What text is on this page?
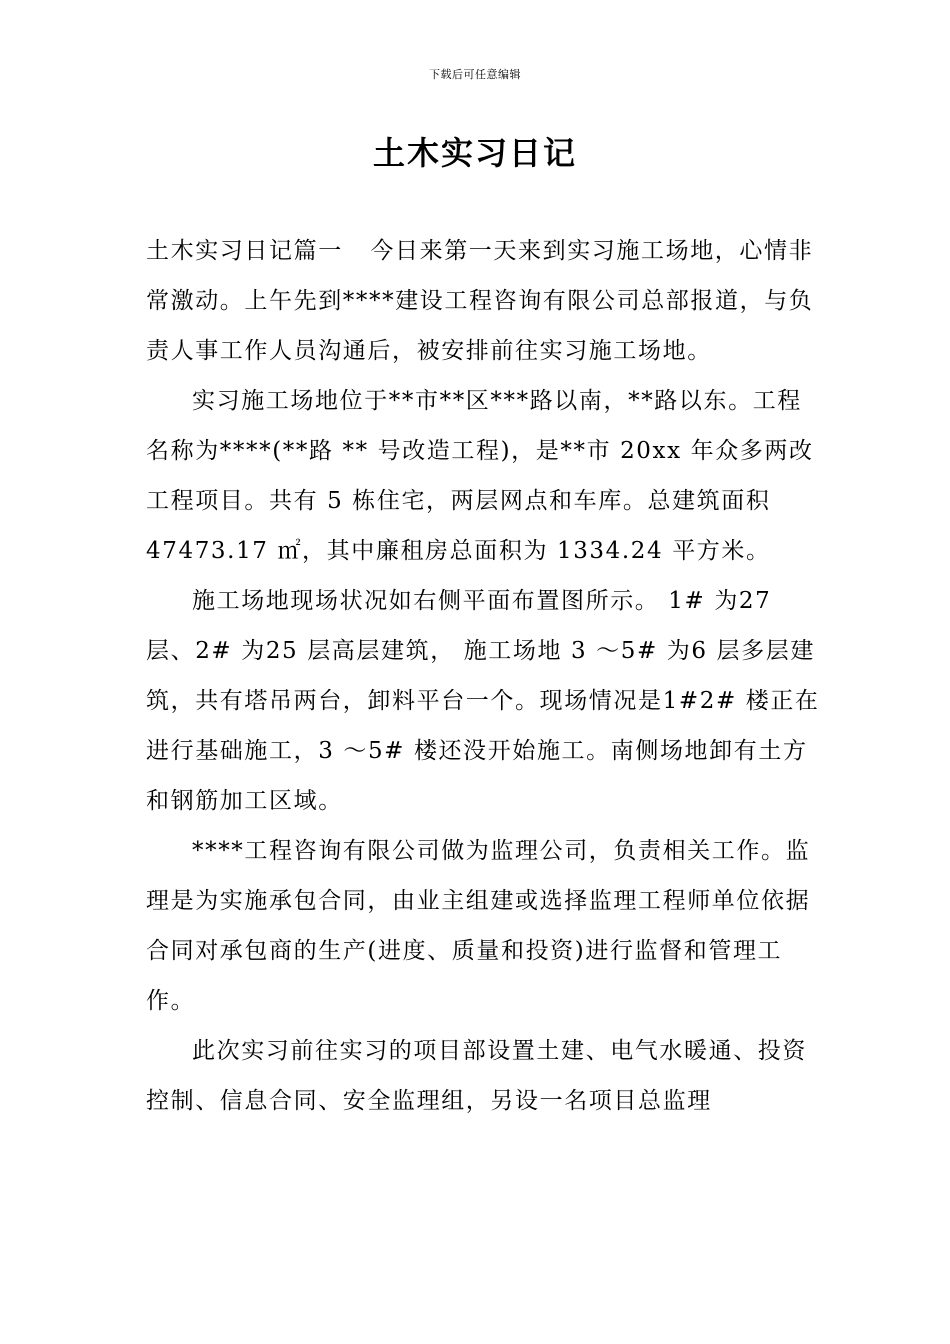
下载后可任意编辑
土木实习日记

土木实习日记篇一 今日来第一天来到实习施工场地，心情非常激动。上午先到****建设工程咨询有限公司总部报道，与负责人事工作人员沟通后，被安排前往实习施工场地。

实习施工场地位于**市**区***路以南，**路以东。工程名称为****(**路 ** 号改造工程)，是**市 20xx 年众多两改工程项目。共有 5 栋住宅，两层网点和车库。总建筑面积 47473.17 ㎡，其中廉租房总面积为 1334.24 平方米。

施工场地现场状况如右侧平面布置图所示。 1# 为27 层、2# 为25 层高层建筑， 施工场地 3 ～5# 为6 层多层建筑，共有塔吊两台，卸料平台一个。现场情况是1#2# 楼正在进行基础施工，3 ～5# 楼还没开始施工。南侧场地卸有土方和钢筋加工区域。

****工程咨询有限公司做为监理公司，负责相关工作。监理是为实施承包合同，由业主组建或选择监理工程师单位依据合同对承包商的生产(进度、质量和投资)进行监督和管理工作。

此次实习前往实习的项目部设置土建、电气水暖通、投资控制、信息合同、安全监理组，另设一名项目总监理
